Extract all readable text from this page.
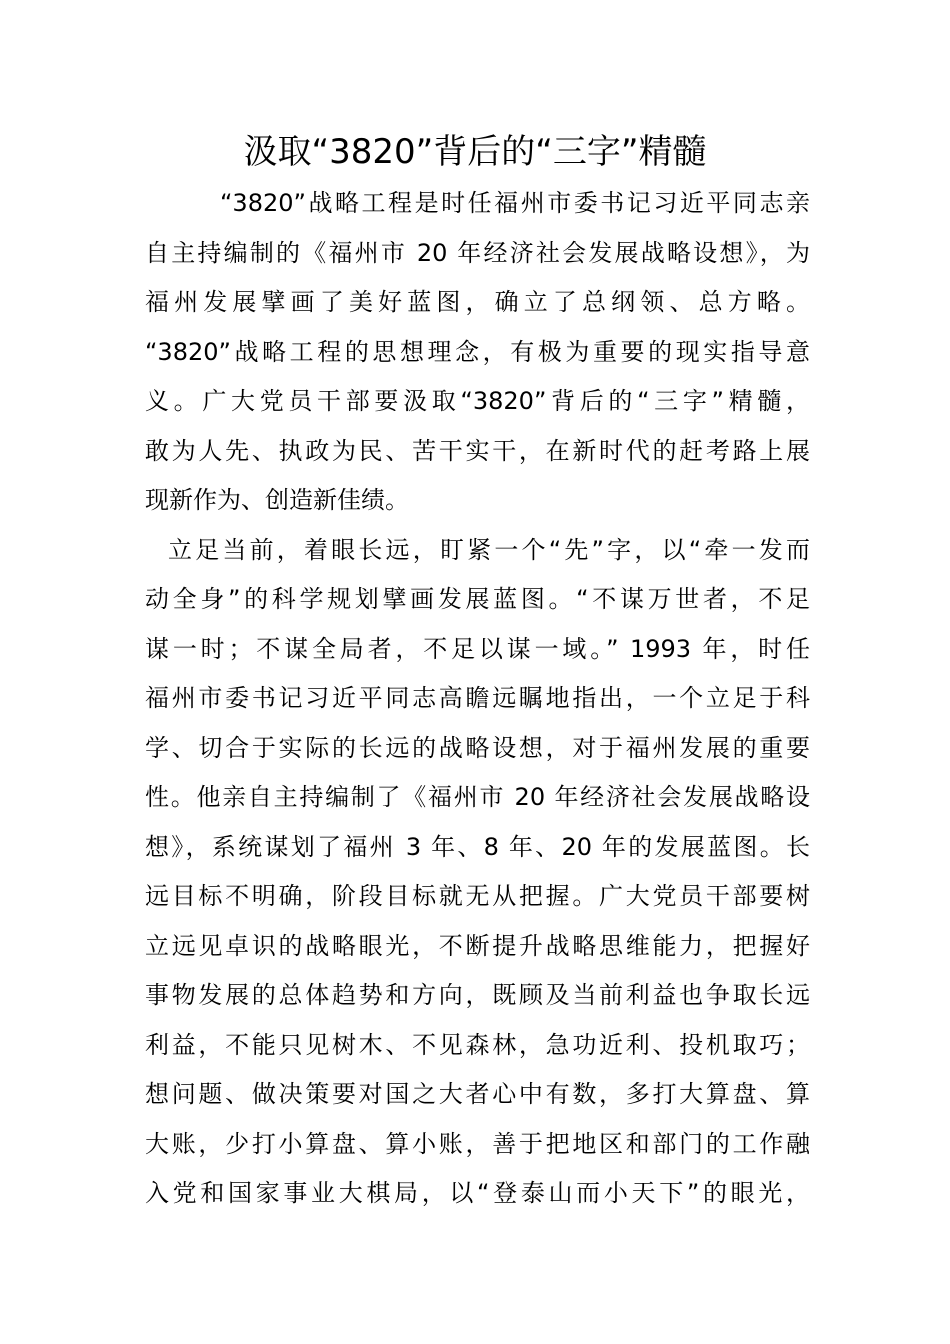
汲取“3820”背后的“三字”精髓
“3820”战略工程是时任福州市委书记习近平同志亲
自主持编制的《福州市 20 年经济社会发展战略设想》，为
福州发展擘画了美好蓝图，确立了总纲领、总方略。
“3820”战略工程的思想理念，有极为重要的现实指导意
义。广大党员干部要汲取“3820”背后的“三字”精髓，
敢为人先、执政为民、苦干实干，在新时代的赶考路上展
现新作为、创造新佳绩。
立足当前，着眼长远，盯紧一个“先”字，以“牵一发而
动全身”的科学规划擘画发展蓝图。“不谋万世者，不足
谋一时；不谋全局者，不足以谋一域。” 1993 年，时任
福州市委书记习近平同志高瞻远瞩地指出，一个立足于科
学、切合于实际的长远的战略设想，对于福州发展的重要
性。他亲自主持编制了《福州市 20 年经济社会发展战略设
想》，系统谋划了福州 3 年、8 年、20 年的发展蓝图。长
远目标不明确，阶段目标就无从把握。广大党员干部要树
立远见卓识的战略眼光，不断提升战略思维能力，把握好
事物发展的总体趋势和方向，既顾及当前利益也争取长远
利益，不能只见树木、不见森林，急功近利、投机取巧；
想问题、做决策要对国之大者心中有数，多打大算盘、算
大账，少打小算盘、算小账，善于把地区和部门的工作融
入党和国家事业大棋局，以“登泰山而小天下”的眼光，
